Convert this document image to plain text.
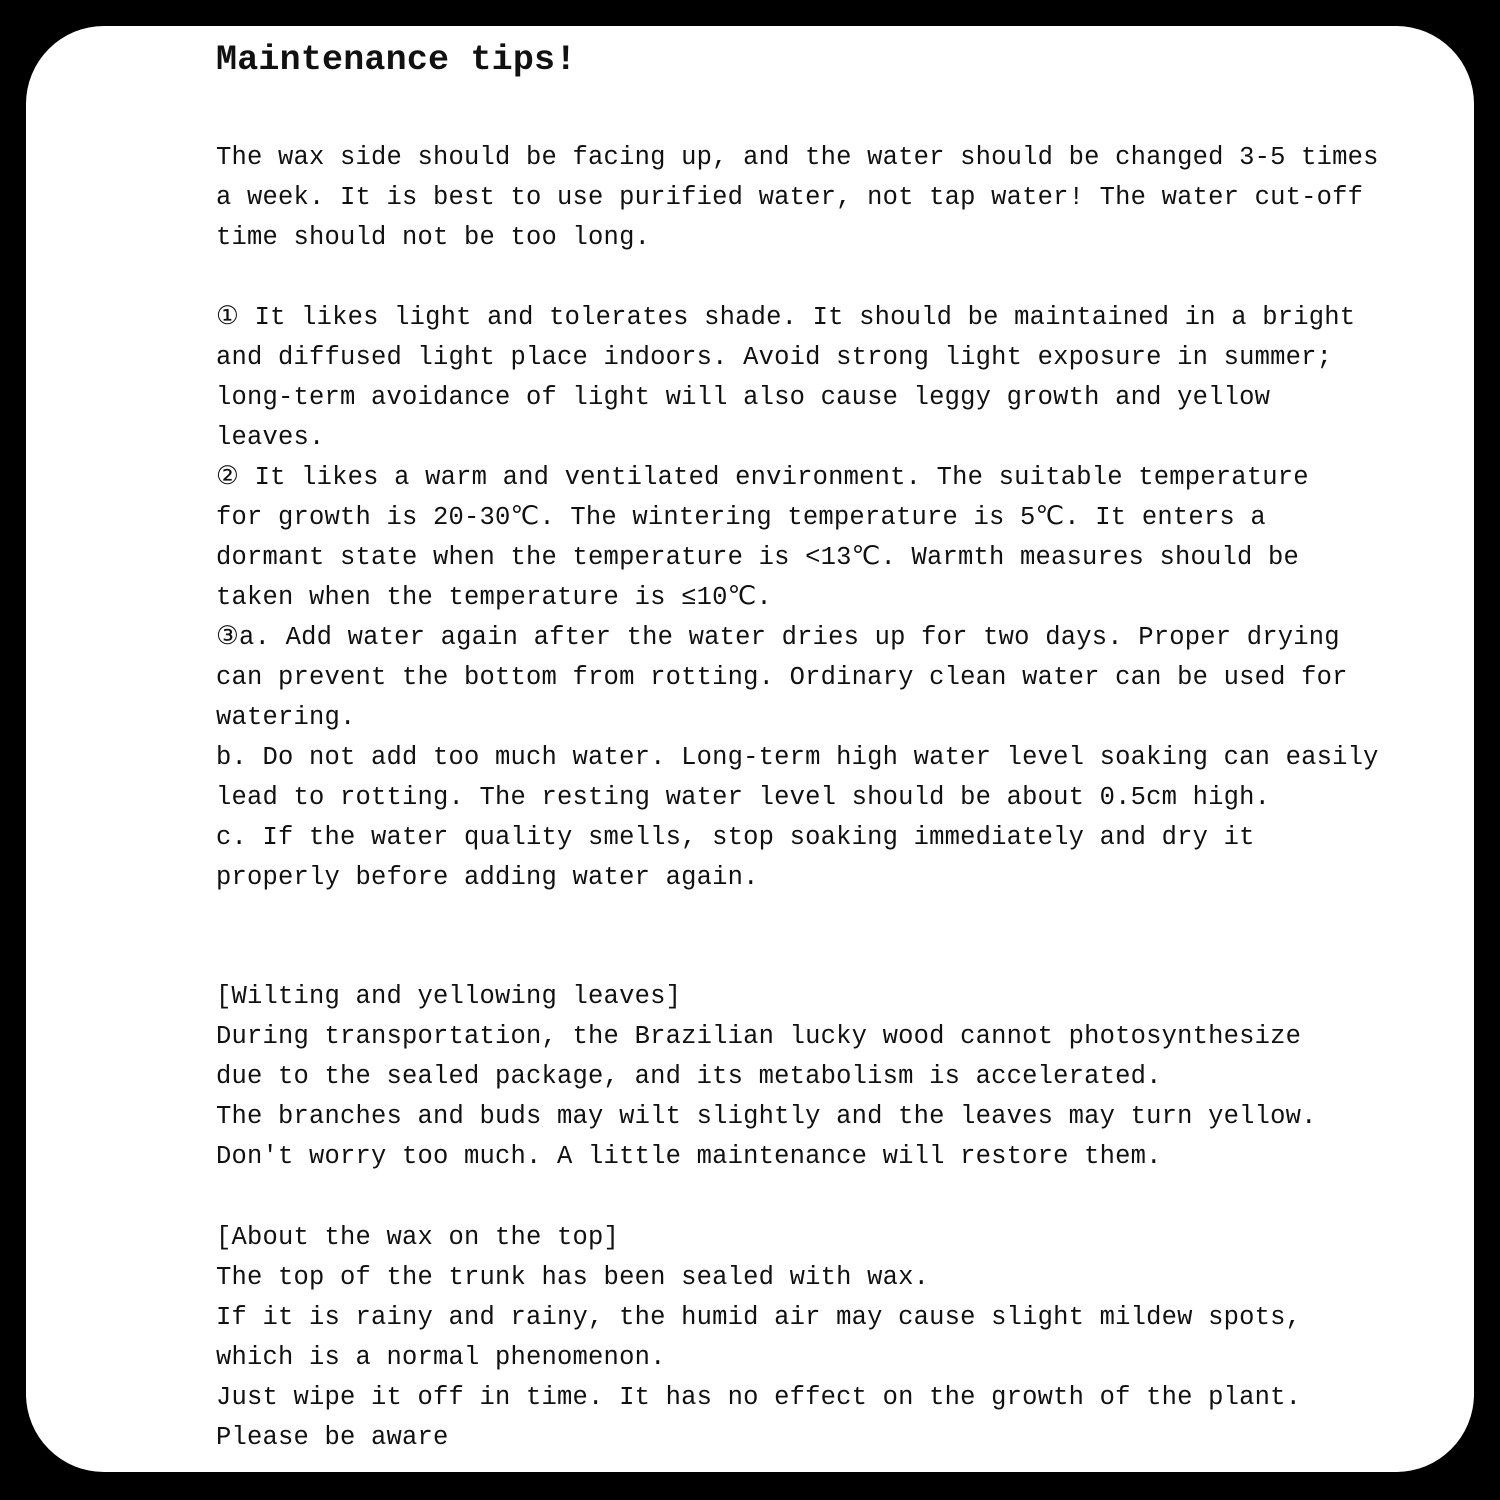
Maintenance tips!

The wax side should be facing up, and the water should be changed 3-5 times
a week. It is best to use purified water, not tap water! The water cut-off
time should not be too long.

① It likes light and tolerates shade. It should be maintained in a bright
and diffused light place indoors. Avoid strong light exposure in summer;
long-term avoidance of light will also cause leggy growth and yellow
leaves.
② It likes a warm and ventilated environment. The suitable temperature
for growth is 20-30℃. The wintering temperature is 5℃. It enters a
dormant state when the temperature is <13℃. Warmth measures should be
taken when the temperature is ≤10℃.
③a. Add water again after the water dries up for two days. Proper drying
can prevent the bottom from rotting. Ordinary clean water can be used for
watering.
b. Do not add too much water. Long-term high water level soaking can easily
lead to rotting. The resting water level should be about 0.5cm high.
c. If the water quality smells, stop soaking immediately and dry it
properly before adding water again.

[Wilting and yellowing leaves]
During transportation, the Brazilian lucky wood cannot photosynthesize
due to the sealed package, and its metabolism is accelerated.
The branches and buds may wilt slightly and the leaves may turn yellow.
Don't worry too much. A little maintenance will restore them.

[About the wax on the top]
The top of the trunk has been sealed with wax.
If it is rainy and rainy, the humid air may cause slight mildew spots,
which is a normal phenomenon.
Just wipe it off in time. It has no effect on the growth of the plant.
Please be aware
